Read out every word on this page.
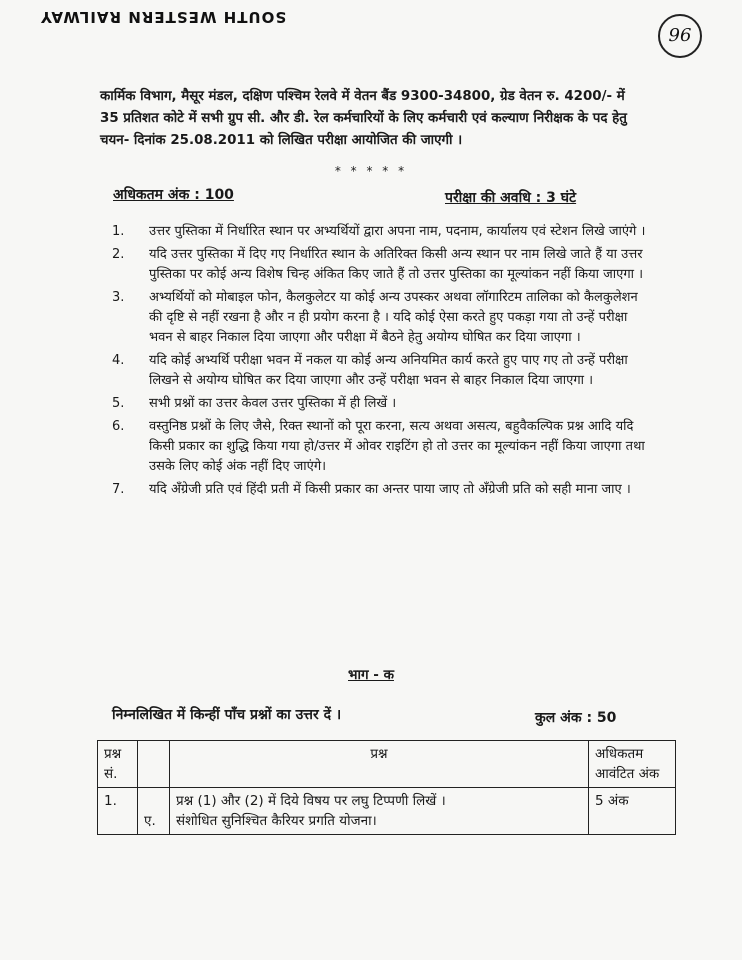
SOUTH WESTERN RAILWAY
96
कार्मिक विभाग, मैसूर मंडल, दक्षिण पश्चिम रेलवे में वेतन बैंड 9300-34800, ग्रेड वेतन रु. 4200/- में 35 प्रतिशत कोटे में सभी ग्रुप सी. और डी. रेल कर्मचारियों के लिए कर्मचारी एवं कल्याण निरीक्षक के पद हेतु चयन- दिनांक 25.08.2011 को लिखित परीक्षा आयोजित की जाएगी ।
* * * * *
अधिकतम अंक : 100	परीक्षा की अवधि : 3 घंटे
1. उत्तर पुस्तिका में निर्धारित स्थान पर अभ्यर्थियों द्वारा अपना नाम, पदनाम, कार्यालय एवं स्टेशन लिखे जाएंगे ।
2. यदि उत्तर पुस्तिका में दिए गए निर्धारित स्थान के अतिरिक्त किसी अन्य स्थान पर नाम लिखे जाते हैं या उत्तर पुस्तिका पर कोई अन्य विशेष चिन्ह अंकित किए जाते हैं तो उत्तर पुस्तिका का मूल्यांकन नहीं किया जाएगा ।
3. अभ्यर्थियों को मोबाइल फोन, कैलकुलेटर या कोई अन्य उपस्कर अथवा लॉगारिटम तालिका को कैलकुलेशन की दृष्टि से नहीं रखना है और न ही प्रयोग करना है । यदि कोई ऐसा करते हुए पकड़ा गया तो उन्हें परीक्षा भवन से बाहर निकाल दिया जाएगा और परीक्षा में बैठने हेतु अयोग्य घोषित कर दिया जाएगा ।
4. यदि कोई अभ्यर्थि परीक्षा भवन में नकल या कोई अन्य अनियमित कार्य करते हुए पाए गए तो उन्हें परीक्षा लिखने से अयोग्य घोषित कर दिया जाएगा और उन्हें परीक्षा भवन से बाहर निकाल दिया जाएगा ।
5. सभी प्रश्नों का उत्तर केवल उत्तर पुस्तिका में ही लिखें ।
6. वस्तुनिष्ठ प्रश्नों के लिए जैसे, रिक्त स्थानों को पूरा करना, सत्य अथवा असत्य, बहुवैकल्पिक प्रश्न आदि यदि किसी प्रकार का शुद्धि किया गया हो/उत्तर में ओवर राइटिंग हो तो उत्तर का मूल्यांकन नहीं किया जाएगा तथा उसके लिए कोई अंक नहीं दिए जाएंगे।
7. यदि अँग्रेजी प्रति एवं हिंदी प्रती में किसी प्रकार का अन्तर पाया जाए तो अँग्रेजी प्रति को सही माना जाए ।
भाग - क
निम्नलिखित में किन्हीं पाँच प्रश्नों का उत्तर दें ।	कुल अंक : 50
प्रश्न सं.		प्रश्न	अधिकतम आवंटित अंक
1.	ए.	प्रश्न (1) और (2) में दिये विषय पर लघु टिप्पणी लिखें ।
संशोधित सुनिश्चित कैरियर प्रगति योजना।	5 अंक
